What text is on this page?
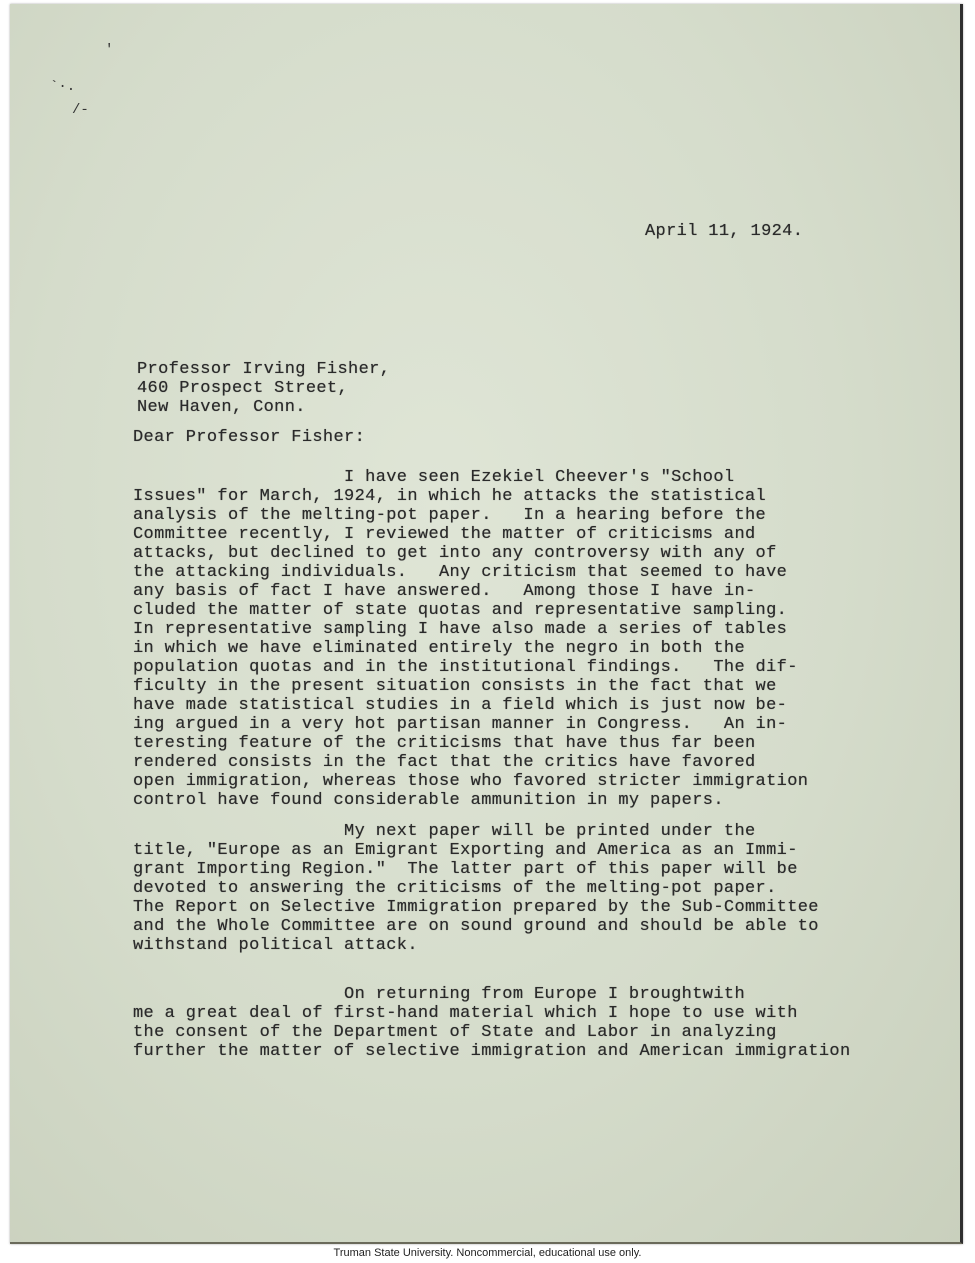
'
`·.
/-
April 11, 1924.
Professor Irving Fisher,
460 Prospect Street,
New Haven, Conn.
Dear Professor Fisher:
I have seen Ezekiel Cheever's "School
Issues" for March, 1924, in which he attacks the statistical
analysis of the melting-pot paper.   In a hearing before the
Committee recently, I reviewed the matter of criticisms and
attacks, but declined to get into any controversy with any of
the attacking individuals.   Any criticism that seemed to have
any basis of fact I have answered.   Among those I have in-
cluded the matter of state quotas and representative sampling.
In representative sampling I have also made a series of tables
in which we have eliminated entirely the negro in both the
population quotas and in the institutional findings.   The dif-
ficulty in the present situation consists in the fact that we
have made statistical studies in a field which is just now be-
ing argued in a very hot partisan manner in Congress.   An in-
teresting feature of the criticisms that have thus far been
rendered consists in the fact that the critics have favored
open immigration, whereas those who favored stricter immigration
control have found considerable ammunition in my papers.
My next paper will be printed under the
title, "Europe as an Emigrant Exporting and America as an Immi-
grant Importing Region."  The latter part of this paper will be
devoted to answering the criticisms of the melting-pot paper.
The Report on Selective Immigration prepared by the Sub-Committee
and the Whole Committee are on sound ground and should be able to
withstand political attack.
On returning from Europe I broughtwith
me a great deal of first-hand material which I hope to use with
the consent of the Department of State and Labor in analyzing
further the matter of selective immigration and American immigration
Truman State University. Noncommercial, educational use only.
